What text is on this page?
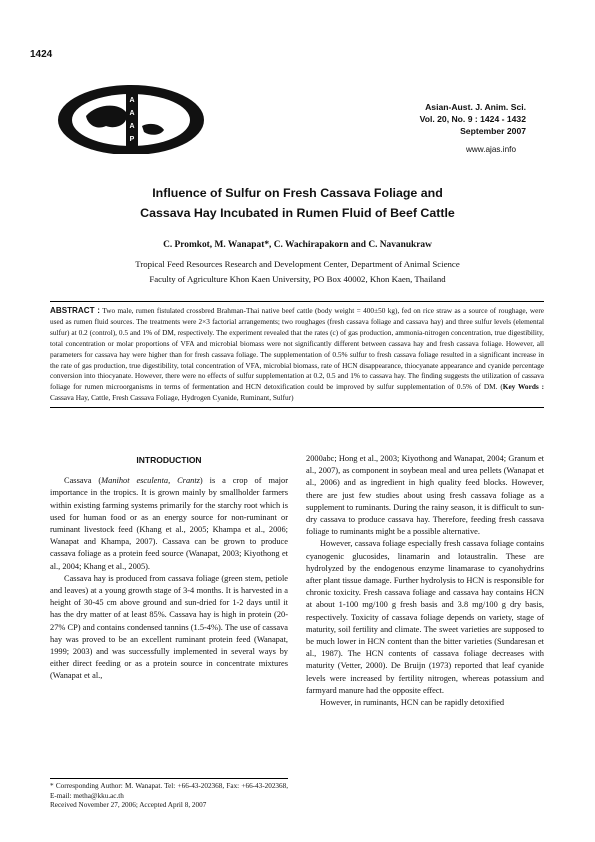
1424
A
A
A
P
Asian-Aust. J. Anim. Sci.
Vol. 20, No. 9 : 1424 - 1432
September 2007
www.ajas.info
Influence of Sulfur on Fresh Cassava Foliage and
Cassava Hay Incubated in Rumen Fluid of Beef Cattle
C. Promkot, M. Wanapat*, C. Wachirapakorn and C. Navanukraw
Tropical Feed Resources Research and Development Center, Department of Animal Science
Faculty of Agriculture Khon Kaen University, PO Box 40002, Khon Kaen, Thailand
ABSTRACT : Two male, rumen fistulated crossbred Brahman-Thai native beef cattle (body weight = 400±50 kg), fed on rice straw as a source of roughage, were used as rumen fluid sources. The treatments were 2×3 factorial arrangements; two roughages (fresh cassava foliage and cassava hay) and three sulfur levels (elemental sulfur) at 0.2 (control), 0.5 and 1% of DM, respectively. The experiment revealed that the rates (c) of gas production, ammonia-nitrogen concentration, true digestibility, total concentration or molar proportions of VFA and microbial biomass were not significantly different between cassava hay and fresh cassava foliage. However, all parameters for cassava hay were higher than for fresh cassava foliage. The supplementation of 0.5% sulfur to fresh cassava foliage resulted in a significant increase in the rate of gas production, true digestibility, total concentration of VFA, microbial biomass, rate of HCN disappearance, thiocyanate appearance and cyanide percentage conversion into thiocyanate. However, there were no effects of sulfur supplementation at 0.2, 0.5 and 1% to cassava hay. The finding suggests the utilization of cassava foliage for rumen microorganisms in terms of fermentation and HCN detoxification could be improved by sulfur supplementation of 0.5% of DM. (Key Words : Cassava Hay, Cattle, Fresh Cassava Foliage, Hydrogen Cyanide, Ruminant, Sulfur)
INTRODUCTION

Cassava (Manihot esculenta, Crantz) is a crop of major importance in the tropics. It is grown mainly by smallholder farmers within existing farming systems primarily for the starchy root which is used for human food or as an energy source for non-ruminant or ruminant livestock feed (Khang et al., 2005; Khampa et al., 2006; Wanapat and Khampa, 2007). Cassava can be grown to produce cassava foliage as a protein feed source (Wanapat, 2003; Kiyothong et al., 2004; Khang et al., 2005).

Cassava hay is produced from cassava foliage (green stem, petiole and leaves) at a young growth stage of 3-4 months. It is harvested in a height of 30-45 cm above ground and sun-dried for 1-2 days until it has the dry matter of at least 85%. Cassava hay is high in protein (20-27% CP) and contains condensed tannins (1.5-4%). The use of cassava hay was proved to be an excellent ruminant protein feed (Wanapat, 1999; 2003) and was successfully implemented in several ways by either direct feeding or as a protein source in concentrate mixtures (Wanapat et al.,

2000abc; Hong et al., 2003; Kiyothong and Wanapat, 2004; Granum et al., 2007), as component in soybean meal and urea pellets (Wanapat et al., 2006) and as ingredient in high quality feed blocks. However, there are just few studies about using fresh cassava foliage as a supplement to ruminants. During the rainy season, it is difficult to sun-dry cassava to produce cassava hay. Therefore, feeding fresh cassava foliage to ruminants might be a possible alternative.

However, cassava foliage especially fresh cassava foliage contains cyanogenic glucosides, linamarin and lotaustralin. These are hydrolyzed by the endogenous enzyme linamarase to cyanohydrins after plant tissue damage. Further hydrolysis to HCN is responsible for chronic toxicity. Fresh cassava foliage and cassava hay contains HCN at about 1-100 mg/100 g fresh basis and 3.8 mg/100 g dry basis, respectively. Toxicity of cassava foliage depends on variety, stage of maturity, soil fertility and climate. The sweet varieties are supposed to be much lower in HCN content than the bitter varieties (Sundaresan et al., 1987). The HCN contents of cassava foliage decreases with maturity (Vetter, 2000). De Bruijn (1973) reported that leaf cyanide levels were increased by fertility nitrogen, whereas potassium and farmyard manure had the opposite effect.

However, in ruminants, HCN can be rapidly detoxified

* Corresponding Author: M. Wanapat. Tel: +66-43-202368, Fax: +66-43-202368, E-mail: metha@kku.ac.th
Received November 27, 2006; Accepted April 8, 2007
